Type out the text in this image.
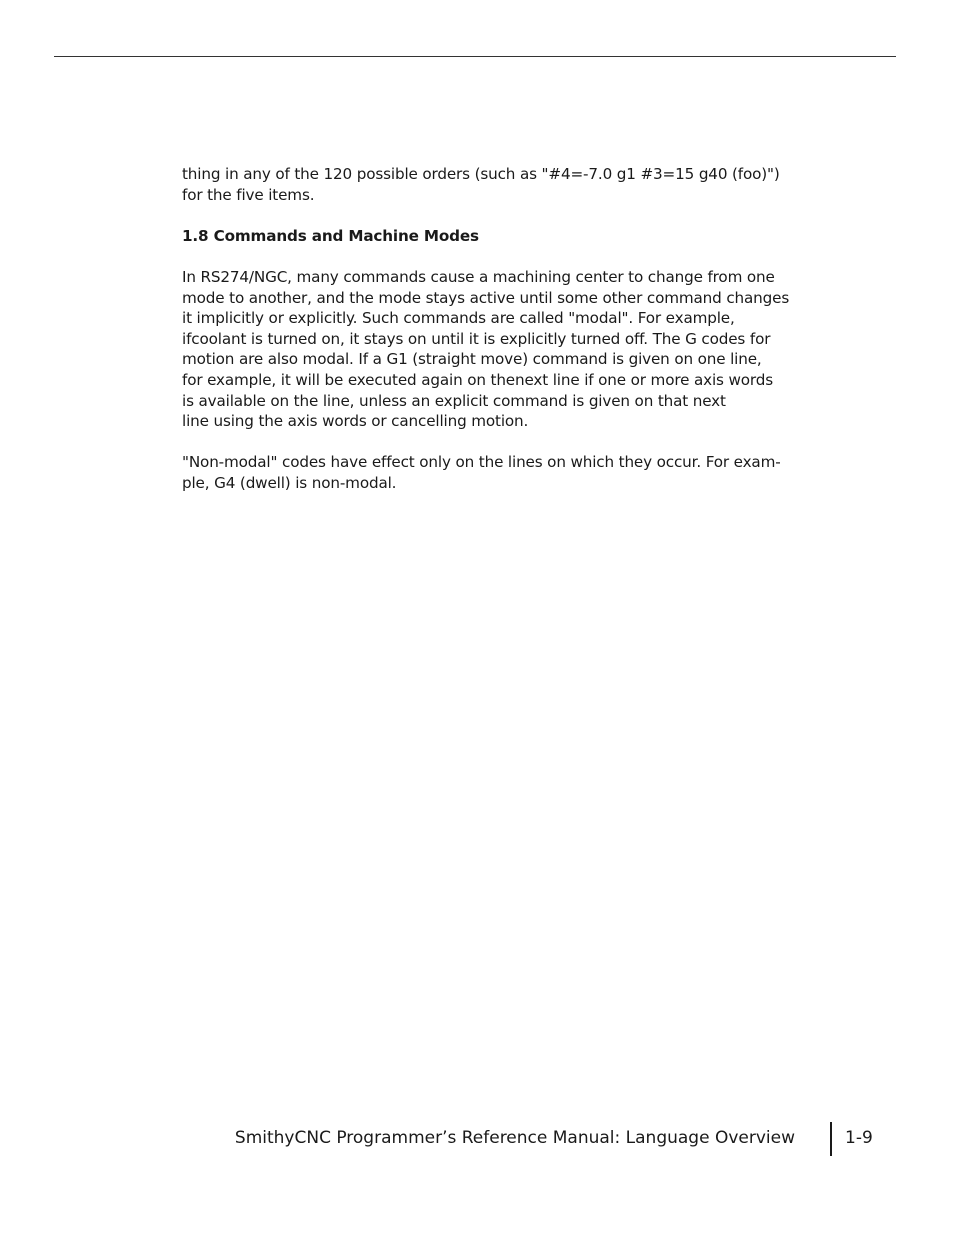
thing in any of the 120 possible orders (such as "#4=-7.0 g1 #3=15 g40 (foo)")
for the five items.

1.8 Commands and Machine Modes

In RS274/NGC, many commands cause a machining center to change from one
mode to another, and the mode stays active until some other command changes
it implicitly or explicitly. Such commands are called "modal". For example,
ifcoolant is turned on, it stays on until it is explicitly turned off. The G codes for
motion are also modal. If a G1 (straight move) command is given on one line,
for example, it will be executed again on thenext line if one or more axis words
is available on the line, unless an explicit command is given on that next
line using the axis words or cancelling motion.

"Non-modal" codes have effect only on the lines on which they occur. For exam-
ple, G4 (dwell) is non-modal.

SmithyCNC Programmer’s Reference Manual: Language Overview	1-9
